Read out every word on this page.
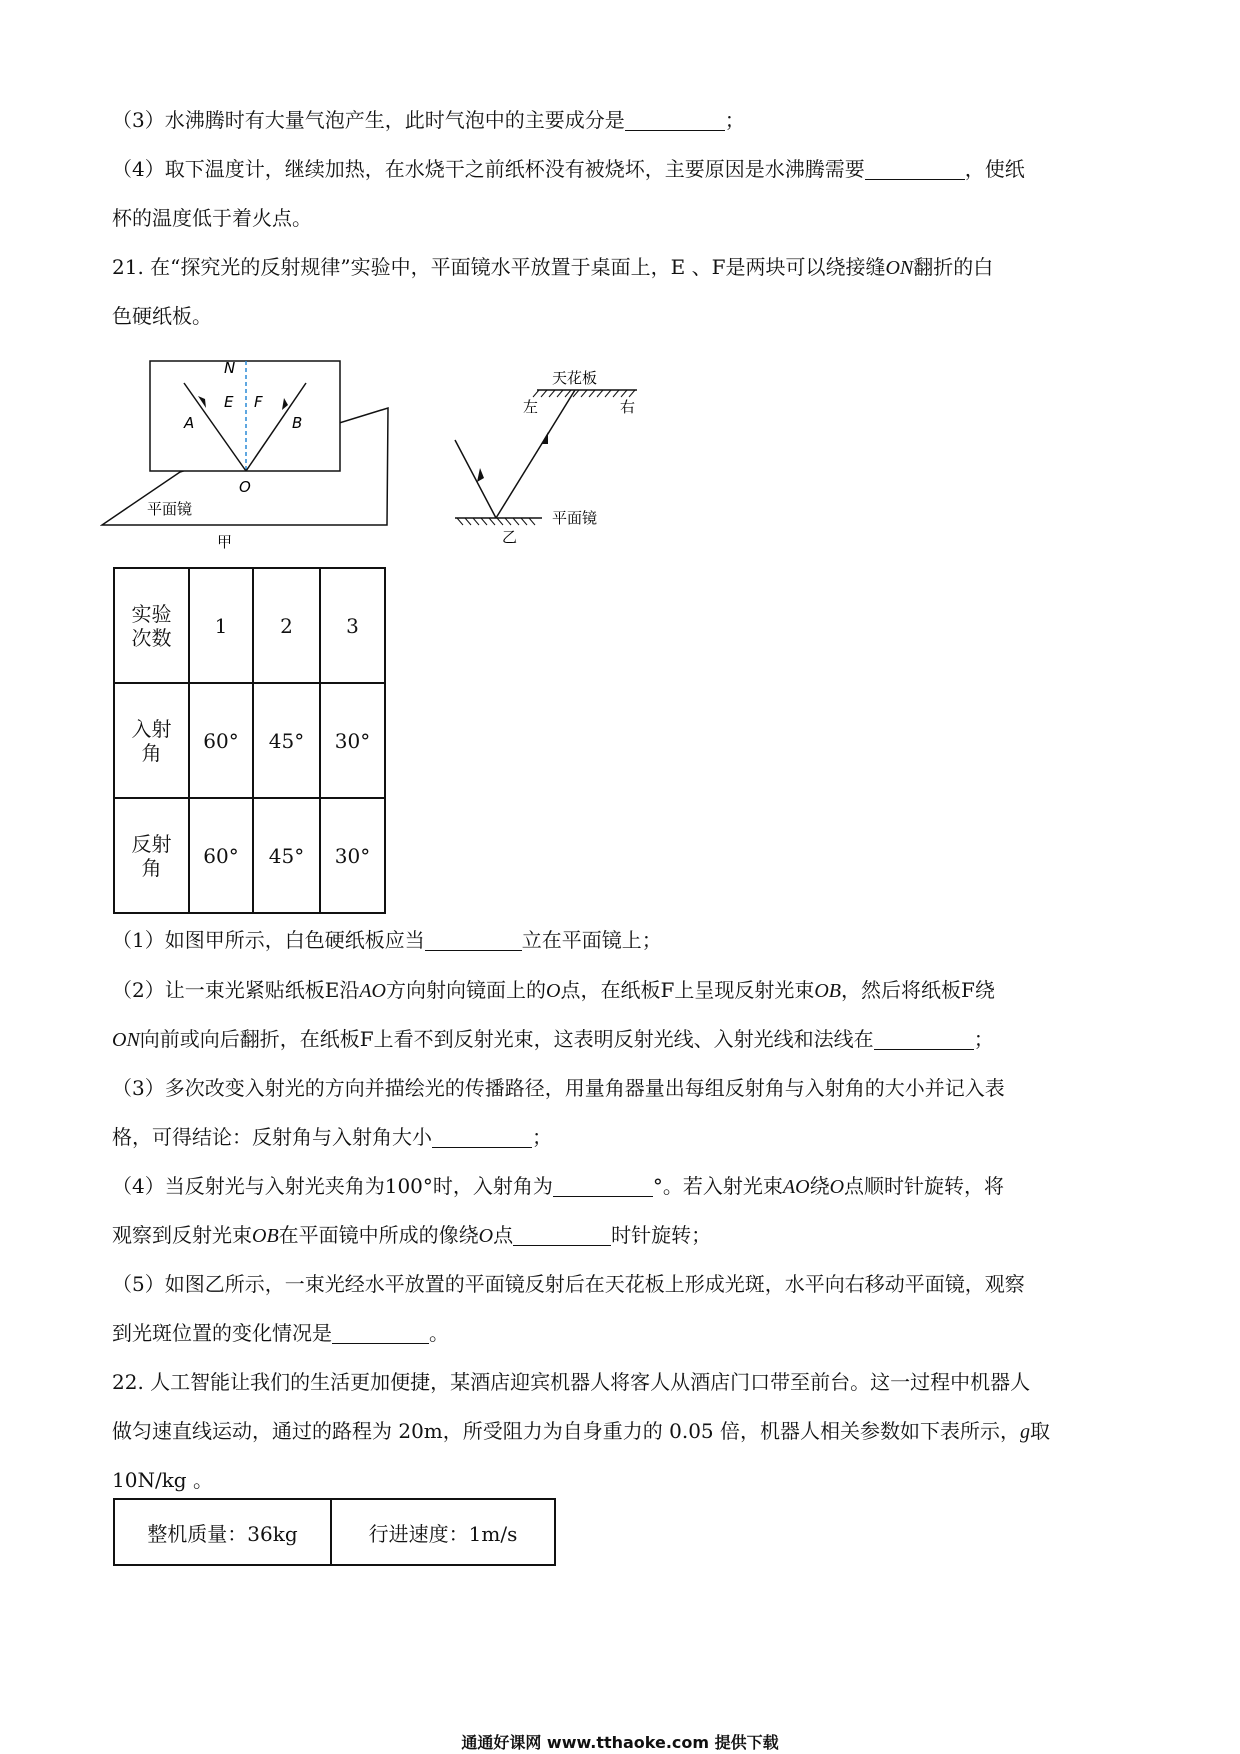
（3）水沸腾时有大量气泡产生，此时气泡中的主要成分是	；
（4）取下温度计，继续加热，在水烧干之前纸杯没有被烧坏，主要原因是水沸腾需要	，使纸
杯的温度低于着火点。
21. 在“探究光的反射规律”实验中，平面镜水平放置于桌面上，E 、F是两块可以绕接缝ON翻折的白
色硬纸板。
N
E F
A	B
O
平面镜
甲
天花板
左	右
平面镜
乙
实验
次数	1	2	3
入射
角	60°	45°	30°
反射
角	60°	45°	30°
（1）如图甲所示，白色硬纸板应当	立在平面镜上；
（2）让一束光紧贴纸板E沿AO方向射向镜面上的O点，在纸板F上呈现反射光束OB，然后将纸板F绕
ON向前或向后翻折，在纸板F上看不到反射光束，这表明反射光线、入射光线和法线在	；
（3）多次改变入射光的方向并描绘光的传播路径，用量角器量出每组反射角与入射角的大小并记入表
格，可得结论：反射角与入射角大小	；
（4）当反射光与入射光夹角为100°时，入射角为	°。若入射光束AO绕O点顺时针旋转，将
观察到反射光束OB在平面镜中所成的像绕O点	时针旋转；
（5）如图乙所示，一束光经水平放置的平面镜反射后在天花板上形成光斑，水平向右移动平面镜，观察
到光斑位置的变化情况是	。
22. 人工智能让我们的生活更加便捷，某酒店迎宾机器人将客人从酒店门口带至前台。这一过程中机器人
做匀速直线运动，通过的路程为 20m，所受阻力为自身重力的 0.05 倍，机器人相关参数如下表所示，g取
10N/kg 。
整机质量：36kg	行进速度：1m/s
通通好课网 www.tthaoke.com 提供下载
